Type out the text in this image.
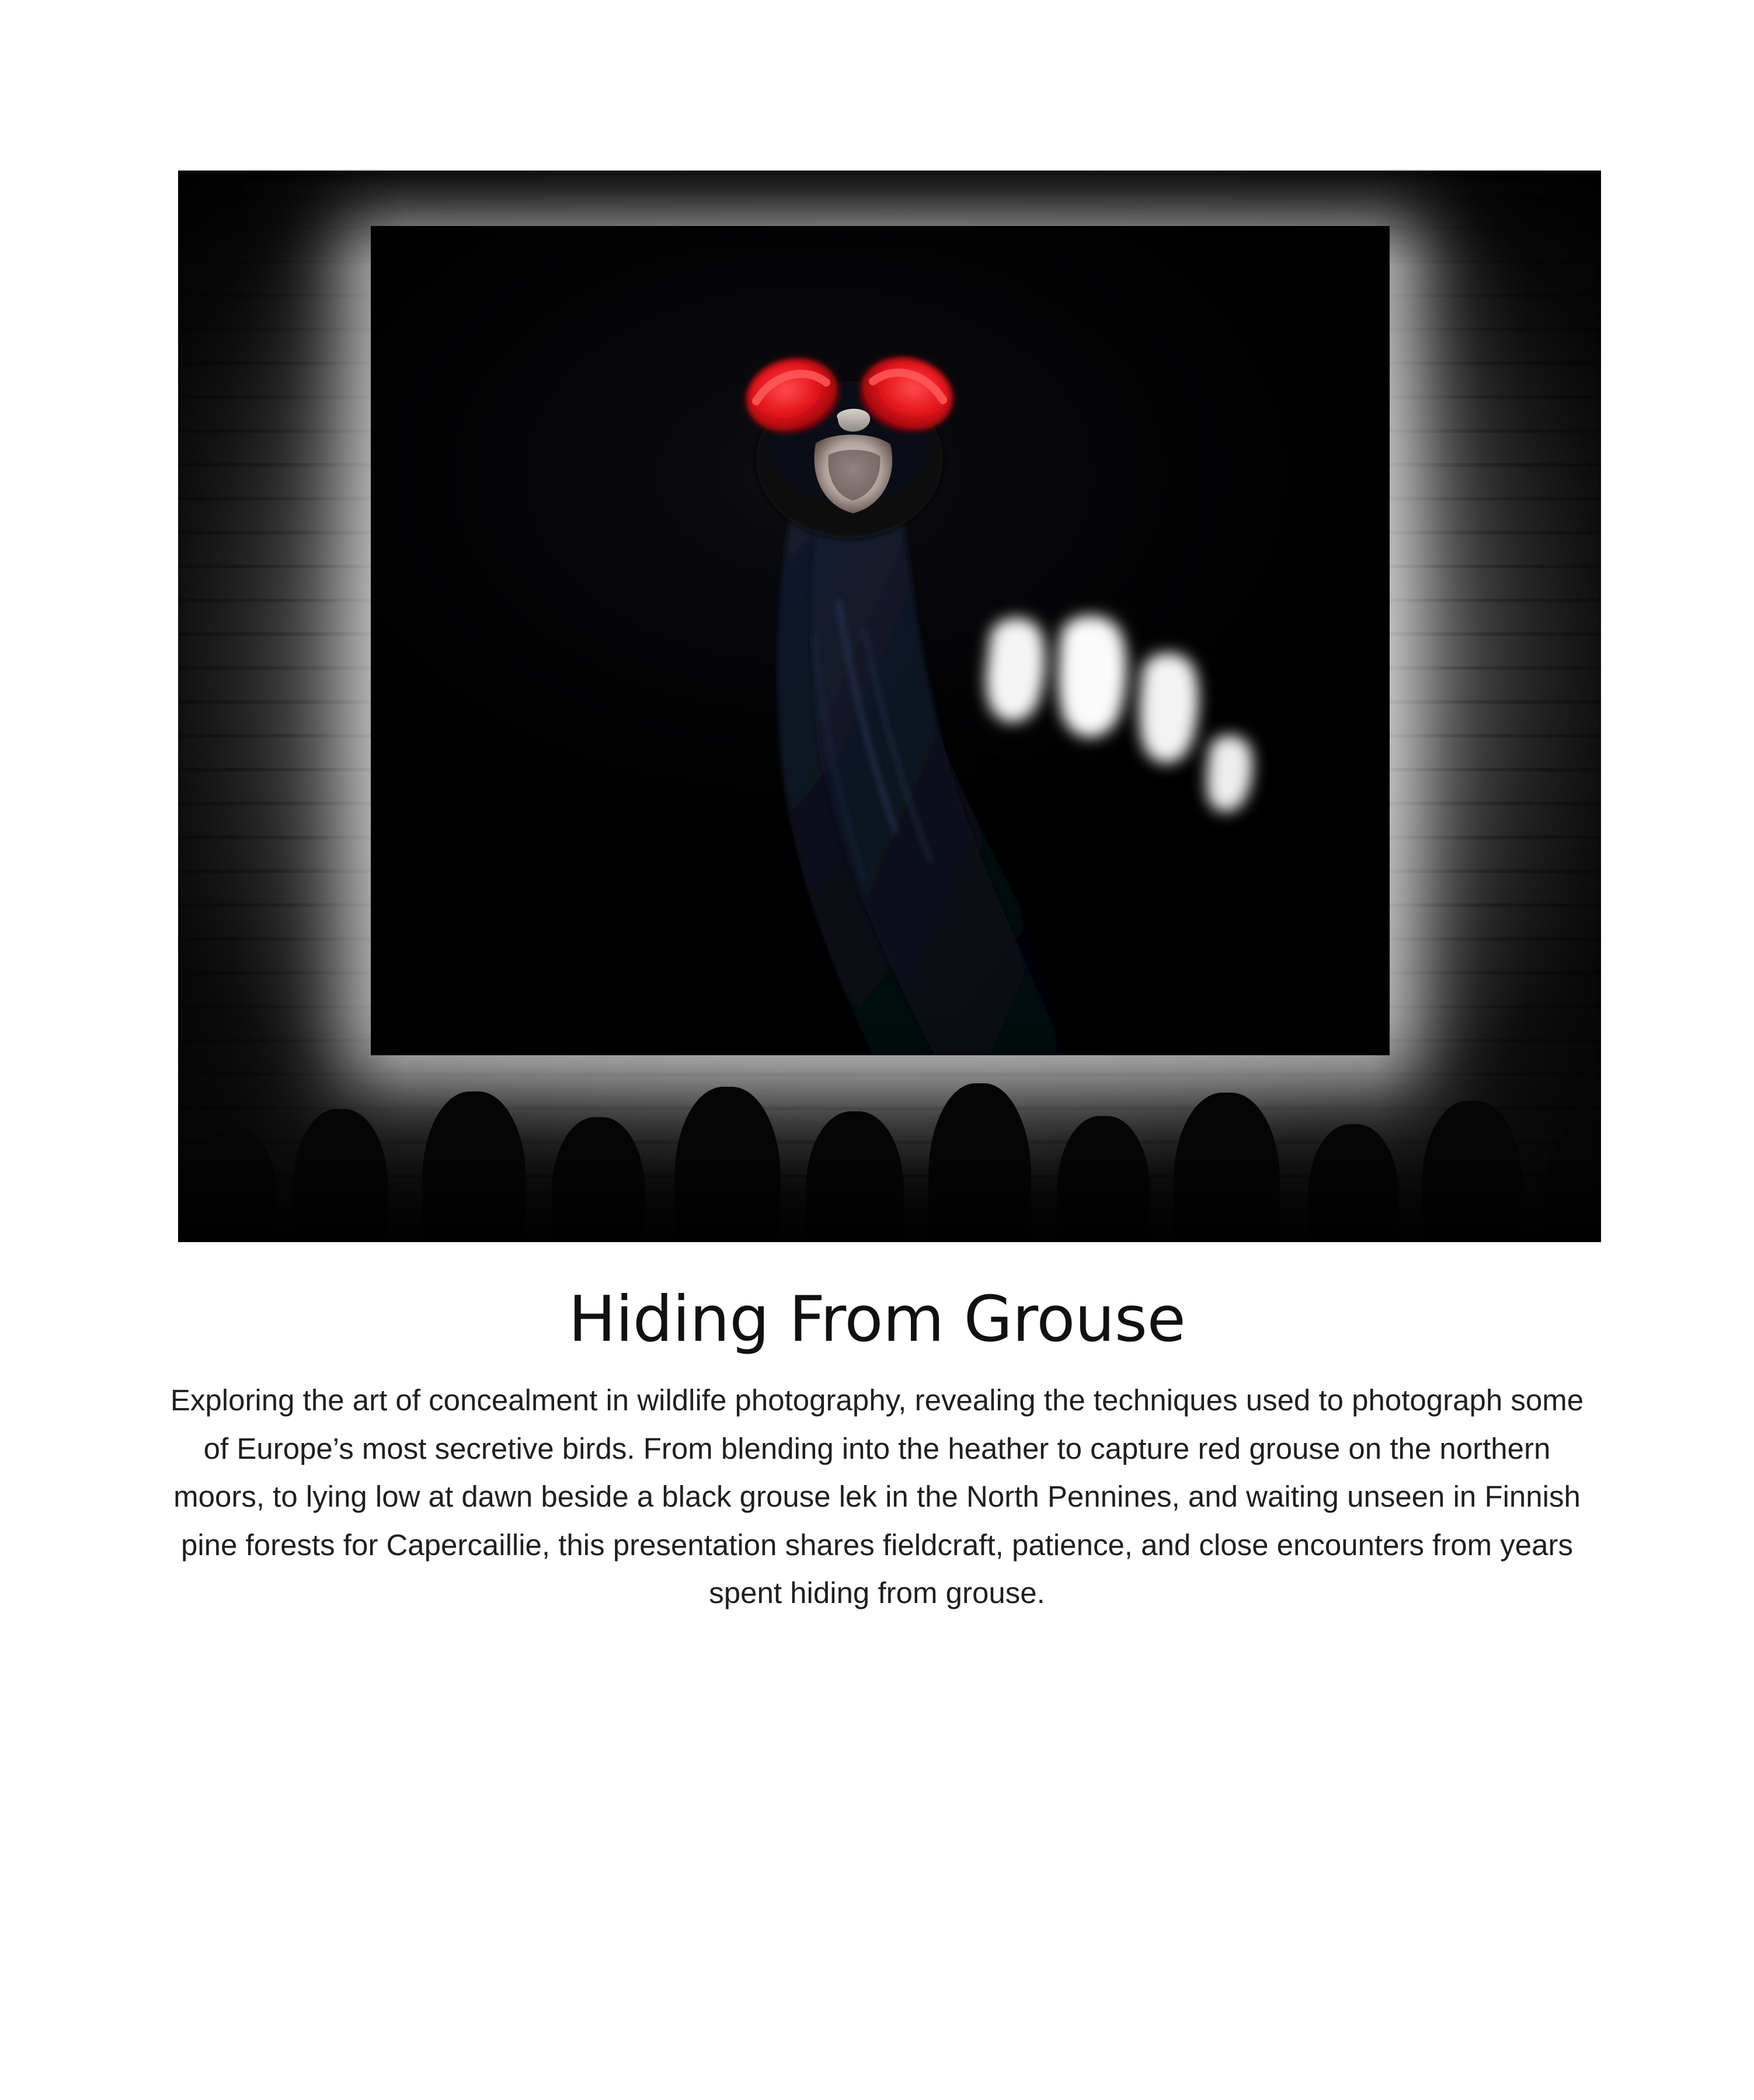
Hiding From Grouse

Exploring the art of concealment in wildlife photography, revealing the techniques used to photograph some of Europe’s most secretive birds. From blending into the heather to capture red grouse on the northern moors, to lying low at dawn beside a black grouse lek in the North Pennines, and waiting unseen in Finnish pine forests for Capercaillie, this presentation shares fieldcraft, patience, and close encounters from years spent hiding from grouse.
